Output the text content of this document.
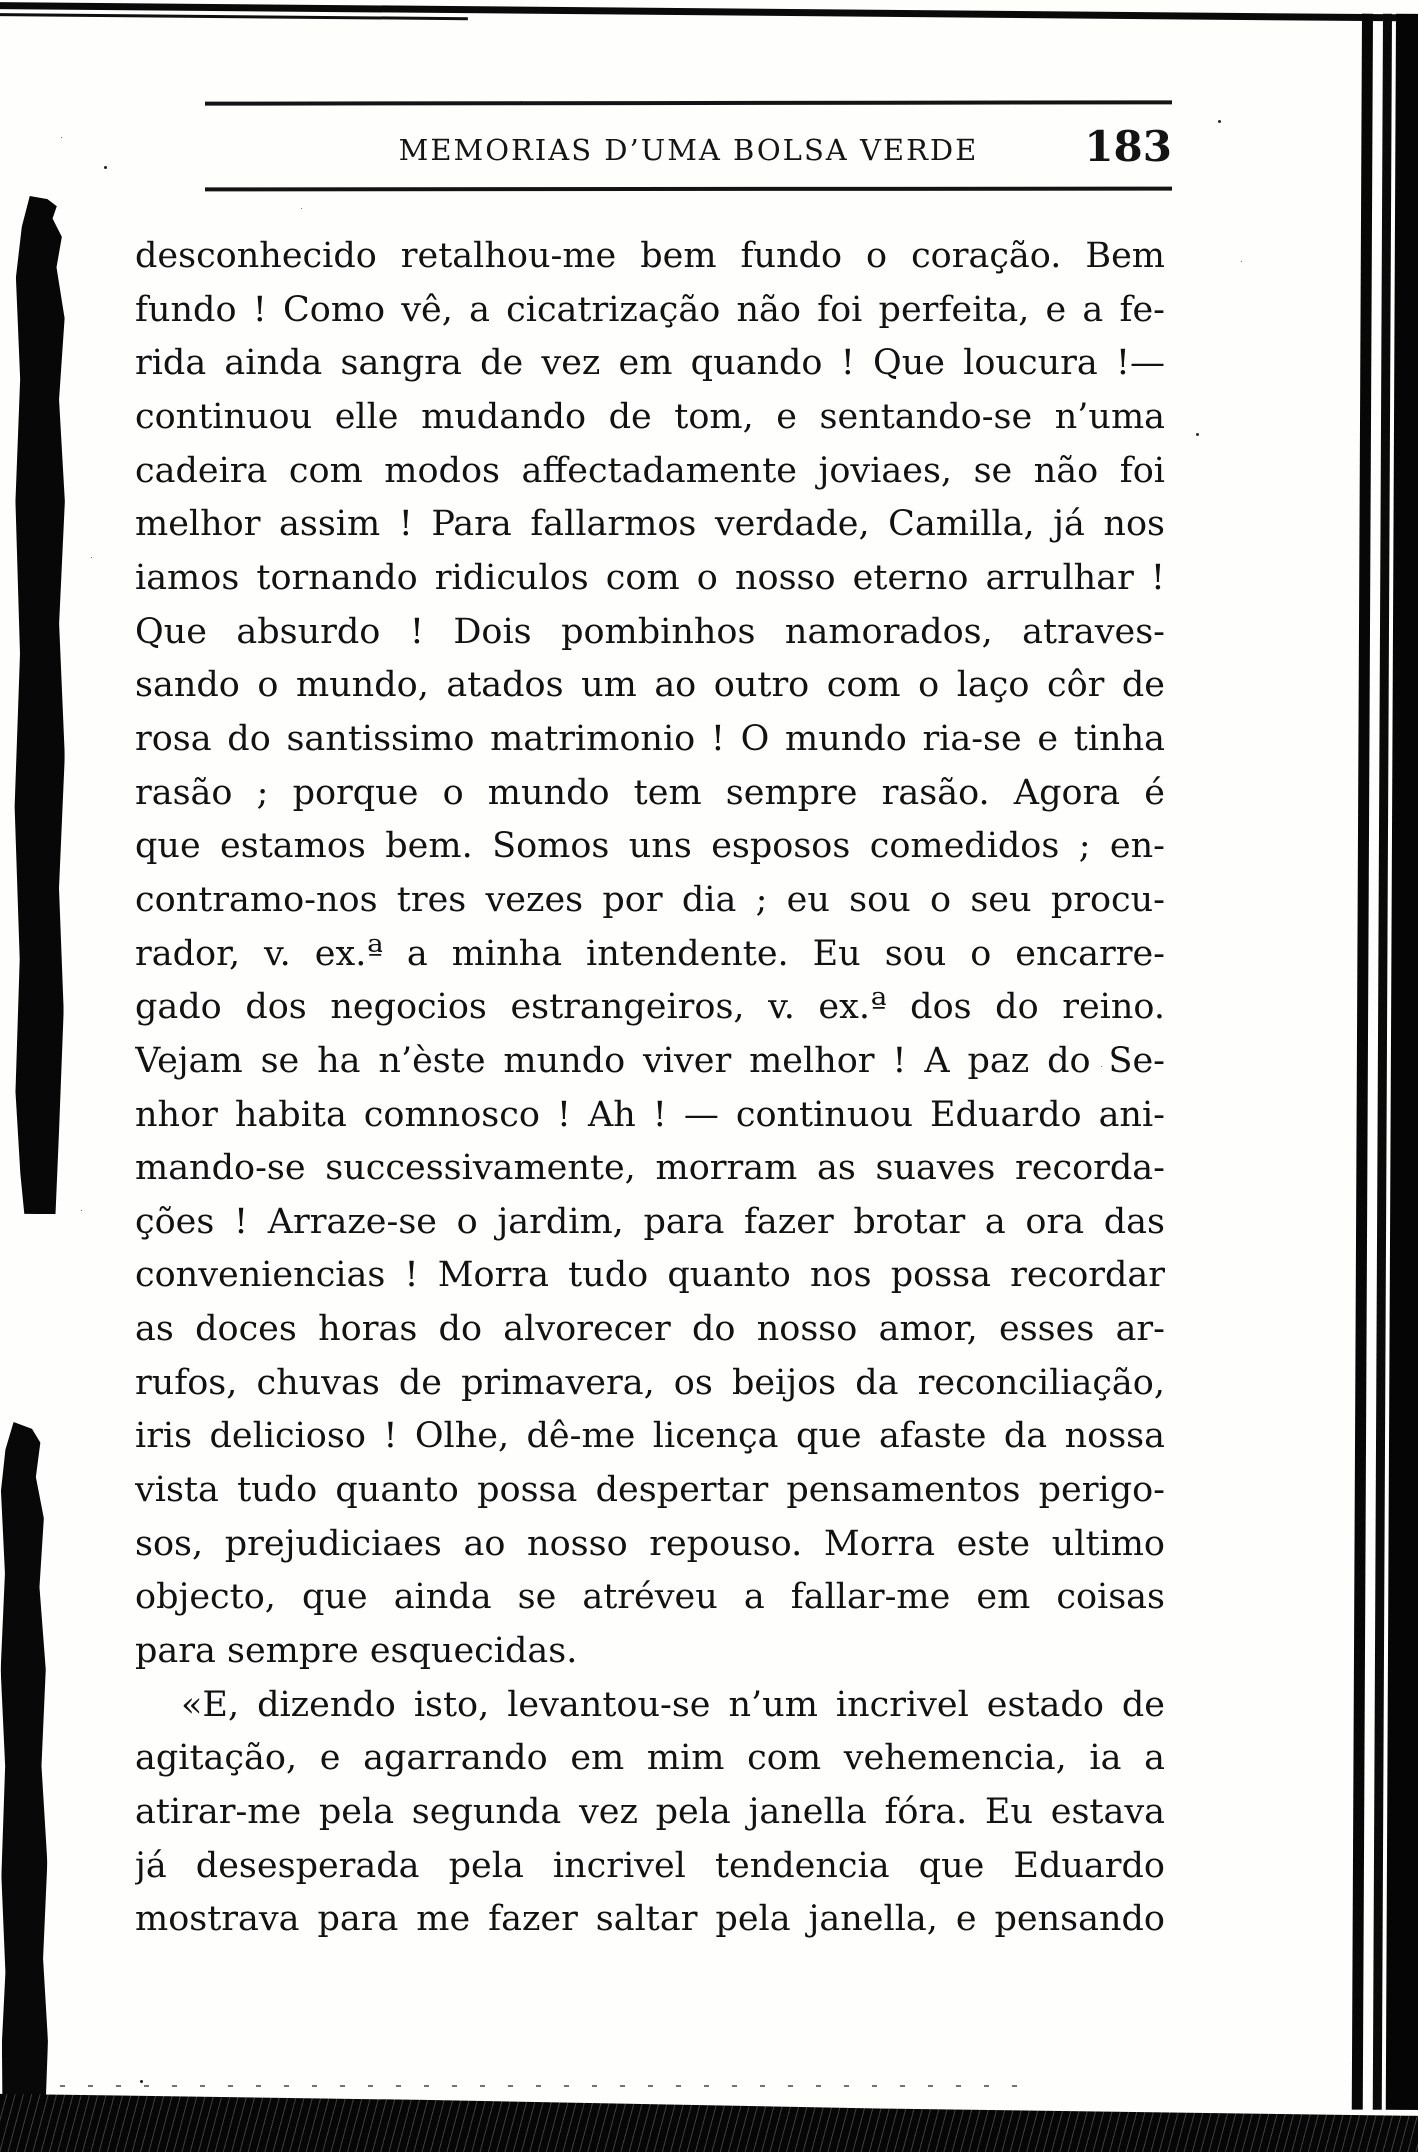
MEMORIAS D’UMA BOLSA VERDE	183
desconhecido retalhou-me bem fundo o coração. Bem
fundo ! Como vê, a cicatrização não foi perfeita, e a fe-
rida ainda sangra de vez em quando ! Que loucura !—
continuou elle mudando de tom, e sentando-se n’uma
cadeira com modos affectadamente joviaes, se não foi
melhor assim ! Para fallarmos verdade, Camilla, já nos
iamos tornando ridiculos com o nosso eterno arrulhar !
Que absurdo ! Dois pombinhos namorados, atraves-
sando o mundo, atados um ao outro com o laço côr de
rosa do santissimo matrimonio ! O mundo ria-se e tinha
rasão ; porque o mundo tem sempre rasão. Agora é
que estamos bem. Somos uns esposos comedidos ; en-
contramo-nos tres vezes por dia ; eu sou o seu procu-
rador, v. ex.ª a minha intendente. Eu sou o encarre-
gado dos negocios estrangeiros, v. ex.ª dos do reino.
Vejam se ha n’èste mundo viver melhor ! A paz do Se-
nhor habita comnosco ! Ah ! — continuou Eduardo ani-
mando-se successivamente, morram as suaves recorda-
ções ! Arraze-se o jardim, para fazer brotar a ora das
conveniencias ! Morra tudo quanto nos possa recordar
as doces horas do alvorecer do nosso amor, esses ar-
rufos, chuvas de primavera, os beijos da reconciliação,
iris delicioso ! Olhe, dê-me licença que afaste da nossa
vista tudo quanto possa despertar pensamentos perigo-
sos, prejudiciaes ao nosso repouso. Morra este ultimo
objecto, que ainda se atréveu a fallar-me em coisas
para sempre esquecidas.
«E, dizendo isto, levantou-se n’um incrivel estado de
agitação, e agarrando em mim com vehemencia, ia a
atirar-me pela segunda vez pela janella fóra. Eu estava
já desesperada pela incrivel tendencia que Eduardo
mostrava para me fazer saltar pela janella, e pensando
